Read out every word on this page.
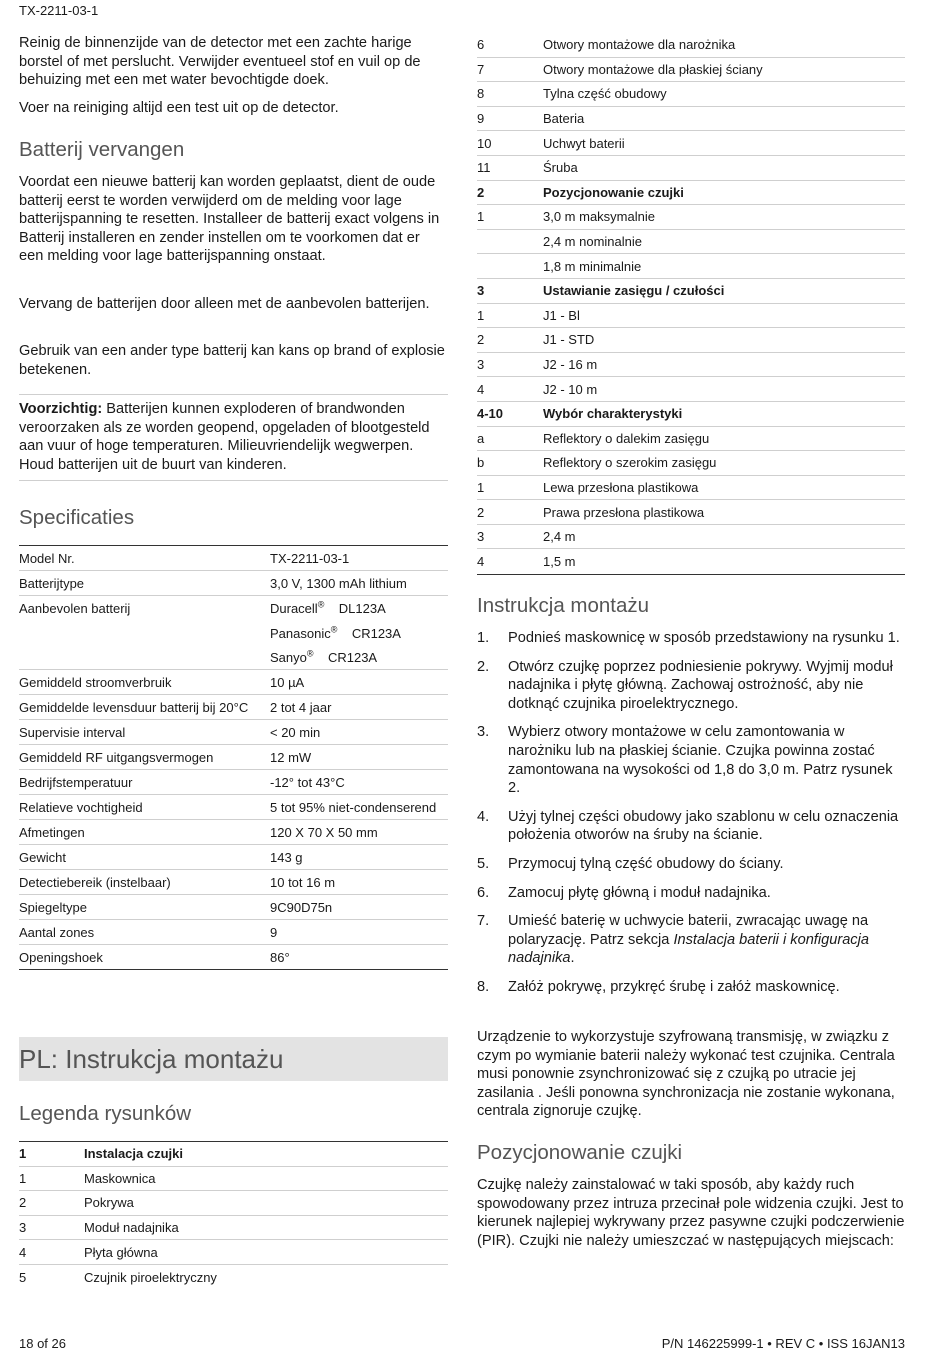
TX-2211-03-1

Reinig de binnenzijde van de detector met een zachte harige borstel of met perslucht. Verwijder eventueel stof en vuil op de behuizing met een met water bevochtigde doek.

Voer na reiniging altijd een test uit op de detector.

Batterij vervangen

Voordat een nieuwe batterij kan worden geplaatst, dient de oude batterij eerst te worden verwijderd om de melding voor lage batterijspanning te resetten. Installeer de batterij exact volgens in Batterij installeren en zender instellen om te voorkomen dat er een melding voor lage batterijspanning onstaat.

Vervang de batterijen door alleen met de aanbevolen batterijen.

Gebruik van een ander type batterij kan kans op brand of explosie betekenen.

Voorzichtig: Batterijen kunnen exploderen of brandwonden veroorzaken als ze worden geopend, opgeladen of blootgesteld aan vuur of hoge temperaturen. Milieuvriendelijk wegwerpen. Houd batterijen uit de buurt van kinderen.

Specificaties
Model Nr.	TX-2211-03-1
Batterijtype	3,0 V, 1300 mAh lithium
Aanbevolen batterij	Duracell® DL123A
Panasonic® CR123A
Sanyo® CR123A
Gemiddeld stroomverbruik	10 µA
Gemiddelde levensduur batterij bij 20°C	2 tot 4 jaar
Supervisie interval	< 20 min
Gemiddeld RF uitgangsvermogen	12 mW
Bedrijfstemperatuur	-12° tot 43°C
Relatieve vochtigheid	5 tot 95% niet-condenserend
Afmetingen	120 X 70 X 50 mm
Gewicht	143 g
Detectiebereik (instelbaar)	10 tot 16 m
Spiegeltype	9C90D75n
Aantal zones	9
Openingshoek	86°
PL: Instrukcja montażu
Legenda rysunków
1	Instalacja czujki
1	Maskownica
2	Pokrywa
3	Moduł nadajnika
4	Płyta główna
5	Czujnik piroelektryczny
6	Otwory montażowe dla narożnika
7	Otwory montażowe dla płaskiej ściany
8	Tylna część obudowy
9	Bateria
10	Uchwyt baterii
11	Śruba
2	Pozycjonowanie czujki
1	3,0 m maksymalnie
2,4 m nominalnie
1,8 m minimalnie
3	Ustawianie zasięgu / czułości
1	J1 - Bl
2	J1 - STD
3	J2 - 16 m
4	J2 - 10 m
4-10	Wybór charakterystyki
a	Reflektory o dalekim zasięgu
b	Reflektory o szerokim zasięgu
1	Lewa przesłona plastikowa
2	Prawa przesłona plastikowa
3	2,4 m
4	1,5 m
Instrukcja montażu
1.	Podnieś maskownicę w sposób przedstawiony na rysunku 1.
2.	Otwórz czujkę poprzez podniesienie pokrywy. Wyjmij moduł nadajnika i płytę główną. Zachowaj ostrożność, aby nie dotknąć czujnika piroelektrycznego.
3.	Wybierz otwory montażowe w celu zamontowania w narożniku lub na płaskiej ścianie. Czujka powinna zostać zamontowana na wysokości od 1,8 do 3,0 m. Patrz rysunek 2.
4.	Użyj tylnej części obudowy jako szablonu w celu oznaczenia położenia otworów na śruby na ścianie.
5.	Przymocuj tylną część obudowy do ściany.
6.	Zamocuj płytę główną i moduł nadajnika.
7.	Umieść baterię w uchwycie baterii, zwracając uwagę na polaryzację. Patrz sekcja Instalacja baterii i konfiguracja nadajnika.
8.	Załóż pokrywę, przykręć śrubę i załóż maskownicę.

Urządzenie to wykorzystuje szyfrowaną transmisję, w związku z czym po wymianie baterii należy wykonać test czujnika. Centrala musi ponownie zsynchronizować się z czujką po utracie jej zasilania . Jeśli ponowna synchronizacja nie zostanie wykonana, centrala zignoruje czujkę.

Pozycjonowanie czujki

Czujkę należy zainstalować w taki sposób, aby każdy ruch spowodowany przez intruza przecinał pole widzenia czujki. Jest to kierunek najlepiej wykrywany przez pasywne czujki podczerwienie (PIR). Czujki nie należy umieszczać w następujących miejscach:

18 of 26	P/N 146225999-1 • REV C • ISS 16JAN13
